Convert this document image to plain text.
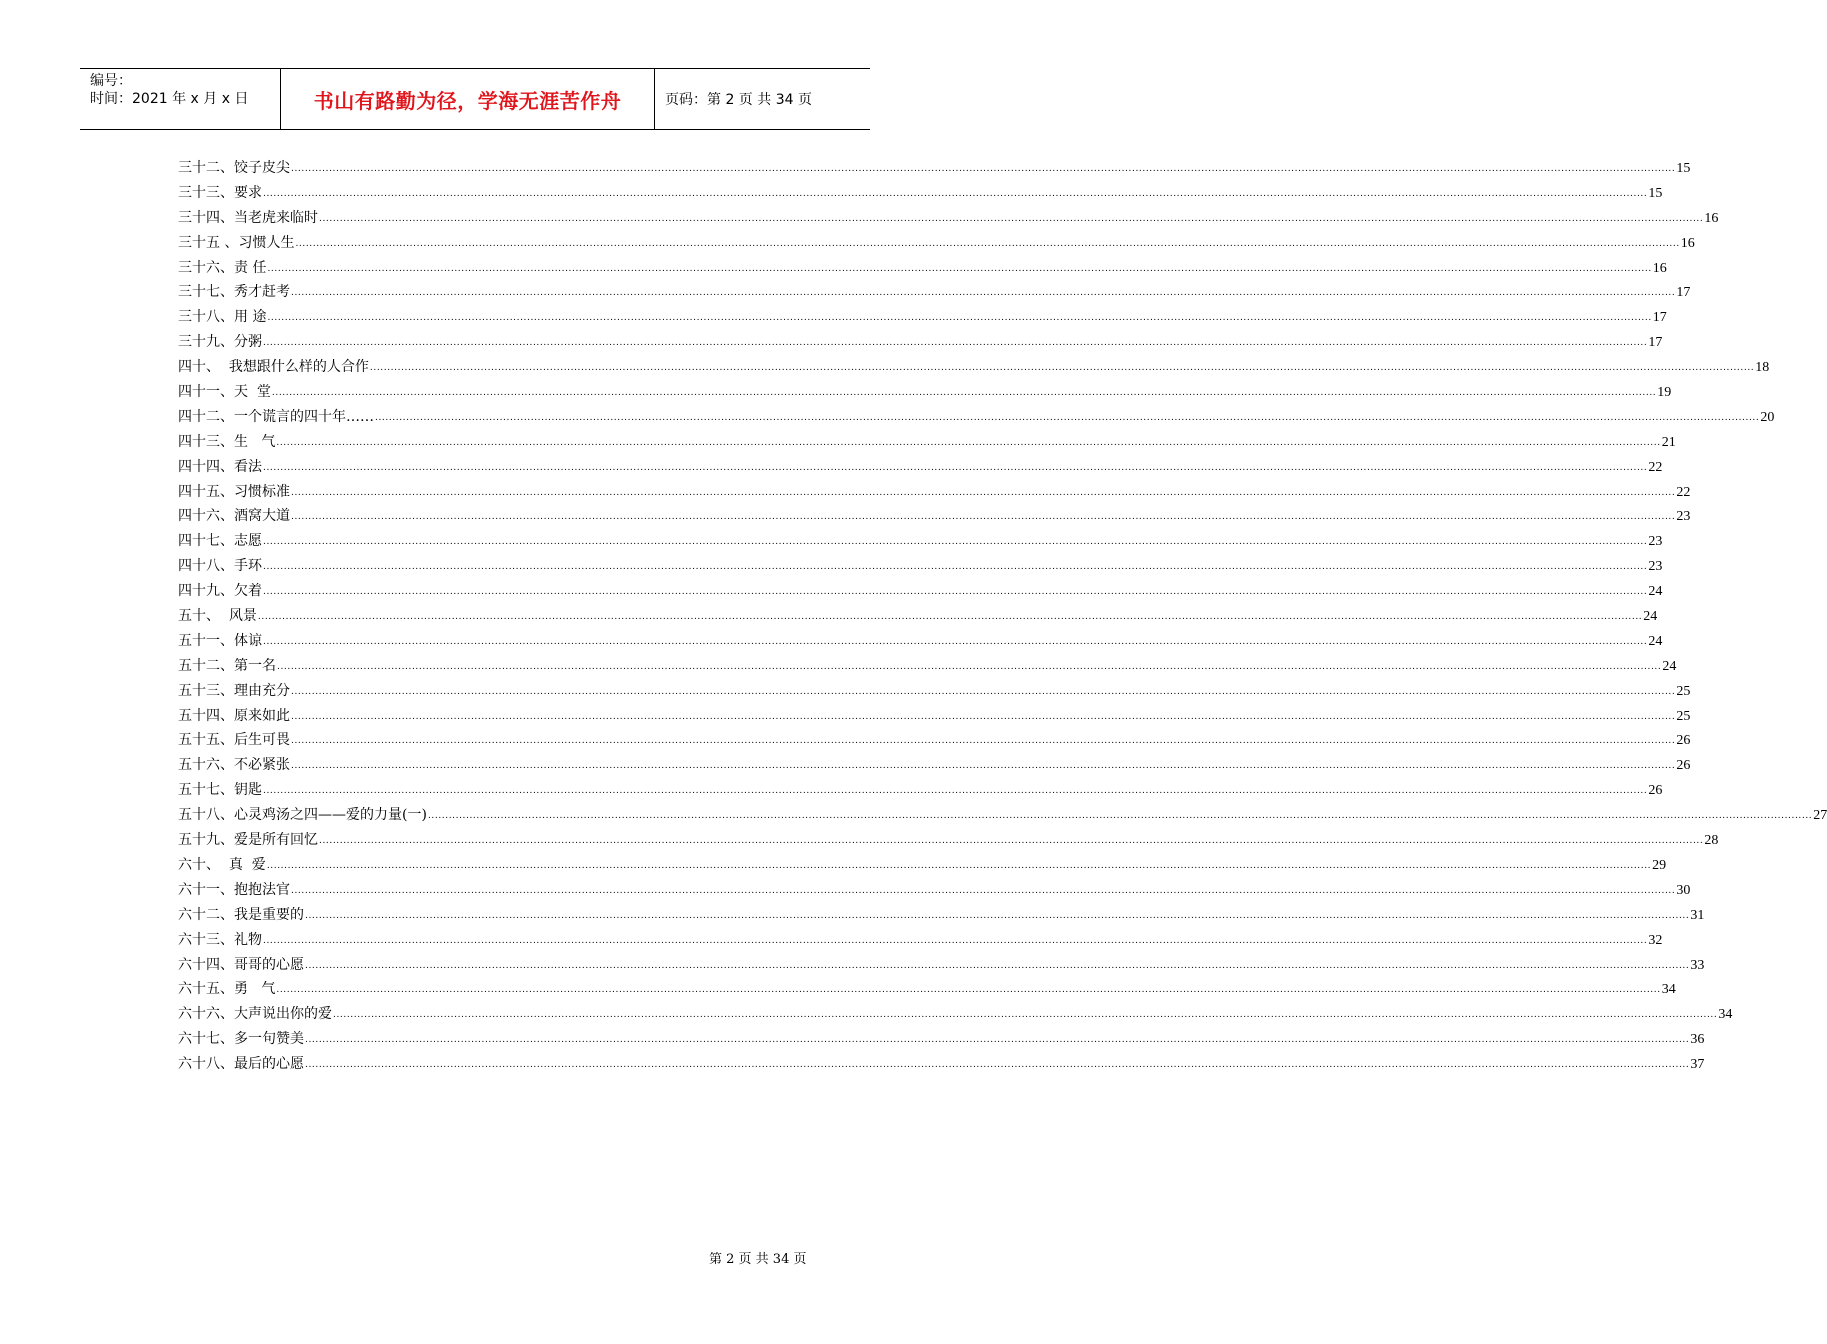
编号：
时间：2021 年 x 月 x 日	书山有路勤为径，学海无涯苦作舟	页码：第 2 页 共 34 页
三十二、饺子皮尖 ................................................................................................................................................................................................................................................................................................................................................................................................................ 15
三十三、要求 ................................................................................................................................................................................................................................................................................................................................................................................................................ 15
三十四、当老虎来临时 ................................................................................................................................................................................................................................................................................................................................................................................................................ 16
三十五 、习惯人生 ................................................................................................................................................................................................................................................................................................................................................................................................................ 16
三十六、责 任 ................................................................................................................................................................................................................................................................................................................................................................................................................ 16
三十七、秀才赶考 ................................................................................................................................................................................................................................................................................................................................................................................................................ 17
三十八、用 途 ................................................................................................................................................................................................................................................................................................................................................................................................................ 17
三十九、分粥 ................................................................................................................................................................................................................................................................................................................................................................................................................ 17
四十、  我想跟什么样的人合作 ................................................................................................................................................................................................................................................................................................................................................................................................................ 18
四十一、天  堂 ................................................................................................................................................................................................................................................................................................................................................................................................................ 19
四十二、一个谎言的四十年…… ................................................................................................................................................................................................................................................................................................................................................................................................................ 20
四十三、生   气 ................................................................................................................................................................................................................................................................................................................................................................................................................ 21
四十四、看法 ................................................................................................................................................................................................................................................................................................................................................................................................................ 22
四十五、习惯标准 ................................................................................................................................................................................................................................................................................................................................................................................................................ 22
四十六、酒窝大道 ................................................................................................................................................................................................................................................................................................................................................................................................................ 23
四十七、志愿 ................................................................................................................................................................................................................................................................................................................................................................................................................ 23
四十八、手环 ................................................................................................................................................................................................................................................................................................................................................................................................................ 23
四十九、欠着 ................................................................................................................................................................................................................................................................................................................................................................................................................ 24
五十、  风景 ................................................................................................................................................................................................................................................................................................................................................................................................................ 24
五十一、体谅 ................................................................................................................................................................................................................................................................................................................................................................................................................ 24
五十二、第一名 ................................................................................................................................................................................................................................................................................................................................................................................................................ 24
五十三、理由充分 ................................................................................................................................................................................................................................................................................................................................................................................................................ 25
五十四、原来如此 ................................................................................................................................................................................................................................................................................................................................................................................................................ 25
五十五、后生可畏 ................................................................................................................................................................................................................................................................................................................................................................................................................ 26
五十六、不必紧张 ................................................................................................................................................................................................................................................................................................................................................................................................................ 26
五十七、钥匙 ................................................................................................................................................................................................................................................................................................................................................................................................................ 26
五十八、心灵鸡汤之四——爱的力量(一) ................................................................................................................................................................................................................................................................................................................................................................................................................ 27
五十九、爱是所有回忆 ................................................................................................................................................................................................................................................................................................................................................................................................................ 28
六十、  真  爱 ................................................................................................................................................................................................................................................................................................................................................................................................................ 29
六十一、抱抱法官 ................................................................................................................................................................................................................................................................................................................................................................................................................ 30
六十二、我是重要的 ................................................................................................................................................................................................................................................................................................................................................................................................................ 31
六十三、礼物 ................................................................................................................................................................................................................................................................................................................................................................................................................ 32
六十四、哥哥的心愿 ................................................................................................................................................................................................................................................................................................................................................................................................................ 33
六十五、勇   气 ................................................................................................................................................................................................................................................................................................................................................................................................................ 34
六十六、大声说出你的爱 ................................................................................................................................................................................................................................................................................................................................................................................................................ 34
六十七、多一句赞美 ................................................................................................................................................................................................................................................................................................................................................................................................................ 36
六十八、最后的心愿 ................................................................................................................................................................................................................................................................................................................................................................................................................ 37
第 2 页 共 34 页
